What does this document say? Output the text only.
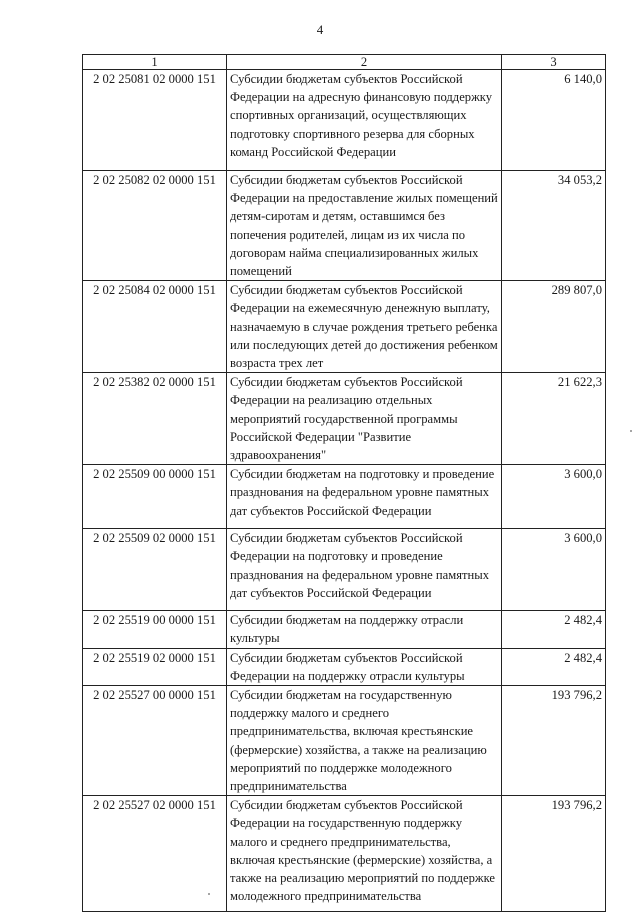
4
1	2	3
2 02 25081 02 0000 151	Субсидии бюджетам субъектов Российской Федерации на адресную финансовую поддержку спортивных организаций, осуществляющих подготовку спортивного резерва для сборных команд Российской Федерации	6 140,0
2 02 25082 02 0000 151	Субсидии бюджетам субъектов Российской Федерации на предоставление жилых помещений детям-сиротам и детям, оставшимся без попечения родителей, лицам из их числа по договорам найма специализированных жилых помещений	34 053,2
2 02 25084 02 0000 151	Субсидии бюджетам субъектов Российской Федерации на ежемесячную денежную выплату, назначаемую в случае рождения третьего ребенка или последующих детей до достижения ребенком возраста трех лет	289 807,0
2 02 25382 02 0000 151	Субсидии бюджетам субъектов Российской Федерации на реализацию отдельных мероприятий государственной программы Российской Федерации "Развитие здравоохранения"	21 622,3
2 02 25509 00 0000 151	Субсидии бюджетам на подготовку и проведение празднования на федеральном уровне памятных дат субъектов Российской Федерации	3 600,0
2 02 25509 02 0000 151	Субсидии бюджетам субъектов Российской Федерации на подготовку и проведение празднования на федеральном уровне памятных дат субъектов Российской Федерации	3 600,0
2 02 25519 00 0000 151	Субсидии бюджетам на поддержку отрасли культуры	2 482,4
2 02 25519 02 0000 151	Субсидии бюджетам субъектов Российской Федерации на поддержку отрасли культуры	2 482,4
2 02 25527 00 0000 151	Субсидии бюджетам на государственную поддержку малого и среднего предпринимательства, включая крестьянские (фермерские) хозяйства, а также на реализацию мероприятий по поддержке молодежного предпринимательства	193 796,2
2 02 25527 02 0000 151	Субсидии бюджетам субъектов Российской Федерации на государственную поддержку малого и среднего предпринимательства, включая крестьянские (фермерские) хозяйства, а также на реализацию мероприятий по поддержке молодежного предпринимательства	193 796,2
